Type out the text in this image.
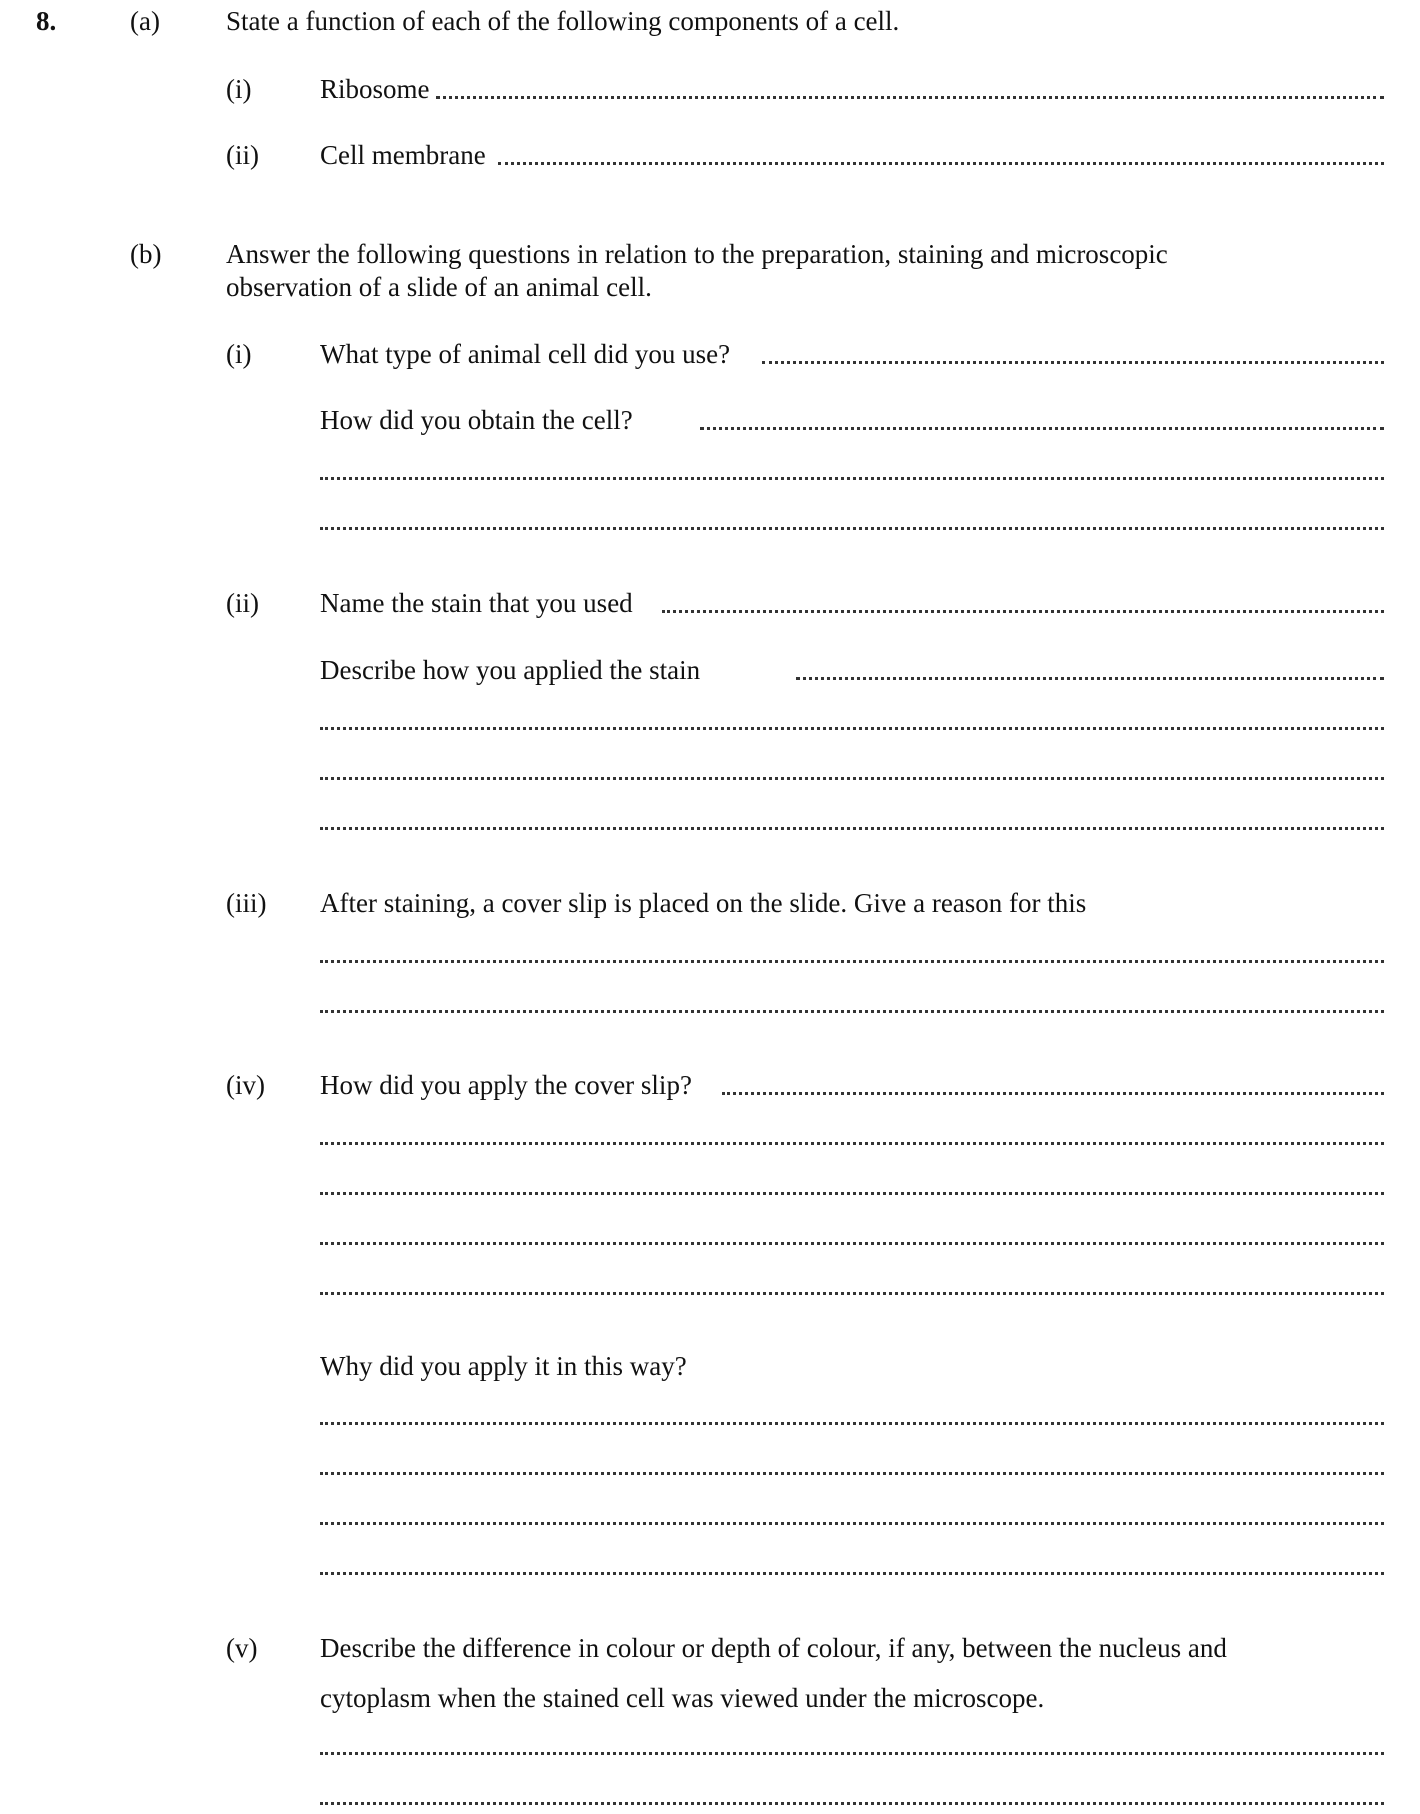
8.	(a) State a function of each of the following components of a cell.
(i)	Ribosome
(ii) Cell membrane
(b) Answer the following questions in relation to the preparation, staining and microscopic
observation of a slide of an animal cell.
(i)	What type of animal cell did you use?
How did you obtain the cell?
(ii) Name the stain that you used
Describe how you applied the stain
(iii) After staining, a cover slip is placed on the slide. Give a reason for this
(iv) How did you apply the cover slip?
Why did you apply it in this way?
(v) Describe the difference in colour or depth of colour, if any, between the nucleus and
cytoplasm when the stained cell was viewed under the microscope.
